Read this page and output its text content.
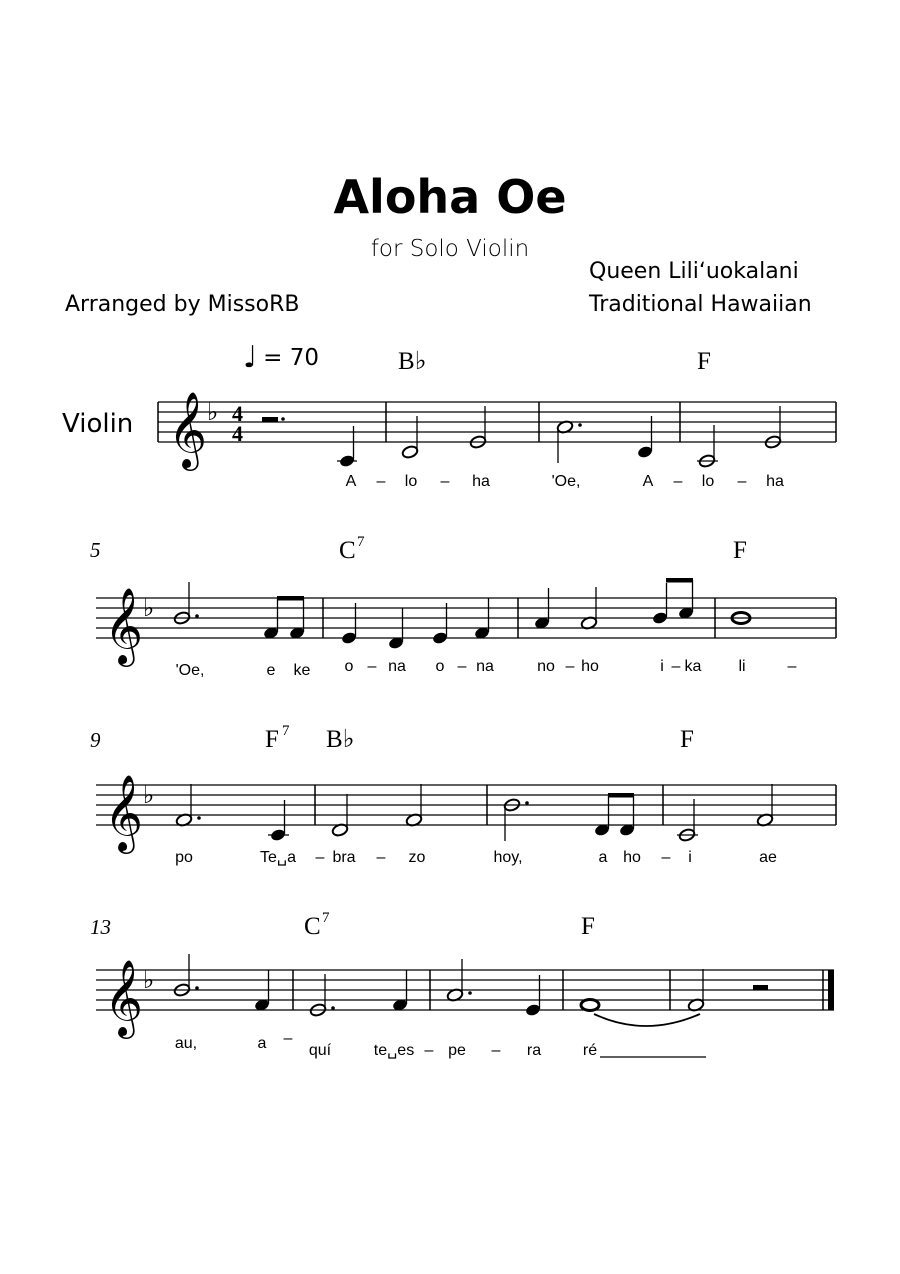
Aloha Oe
for Solo Violin
Queen Liliʻuokalani
Traditional Hawaiian
Arranged by MissoRB
Violin
♩ = 70
𝄞 ♭ 4
4
B♭	F
A – lo – ha	'Oe,	A – lo – ha
5
𝄞 ♭
C 7	F
'Oe,	e ke o – na o – na	no – ho	i – ka li	–
9
𝄞 ♭
F 7 B♭	F
po	Te␣a – bra – zo	hoy,	a ho – i	ae
13
𝄞 ♭
C 7	F
au,	a –
quí	te␣es – pe – ra	ré
